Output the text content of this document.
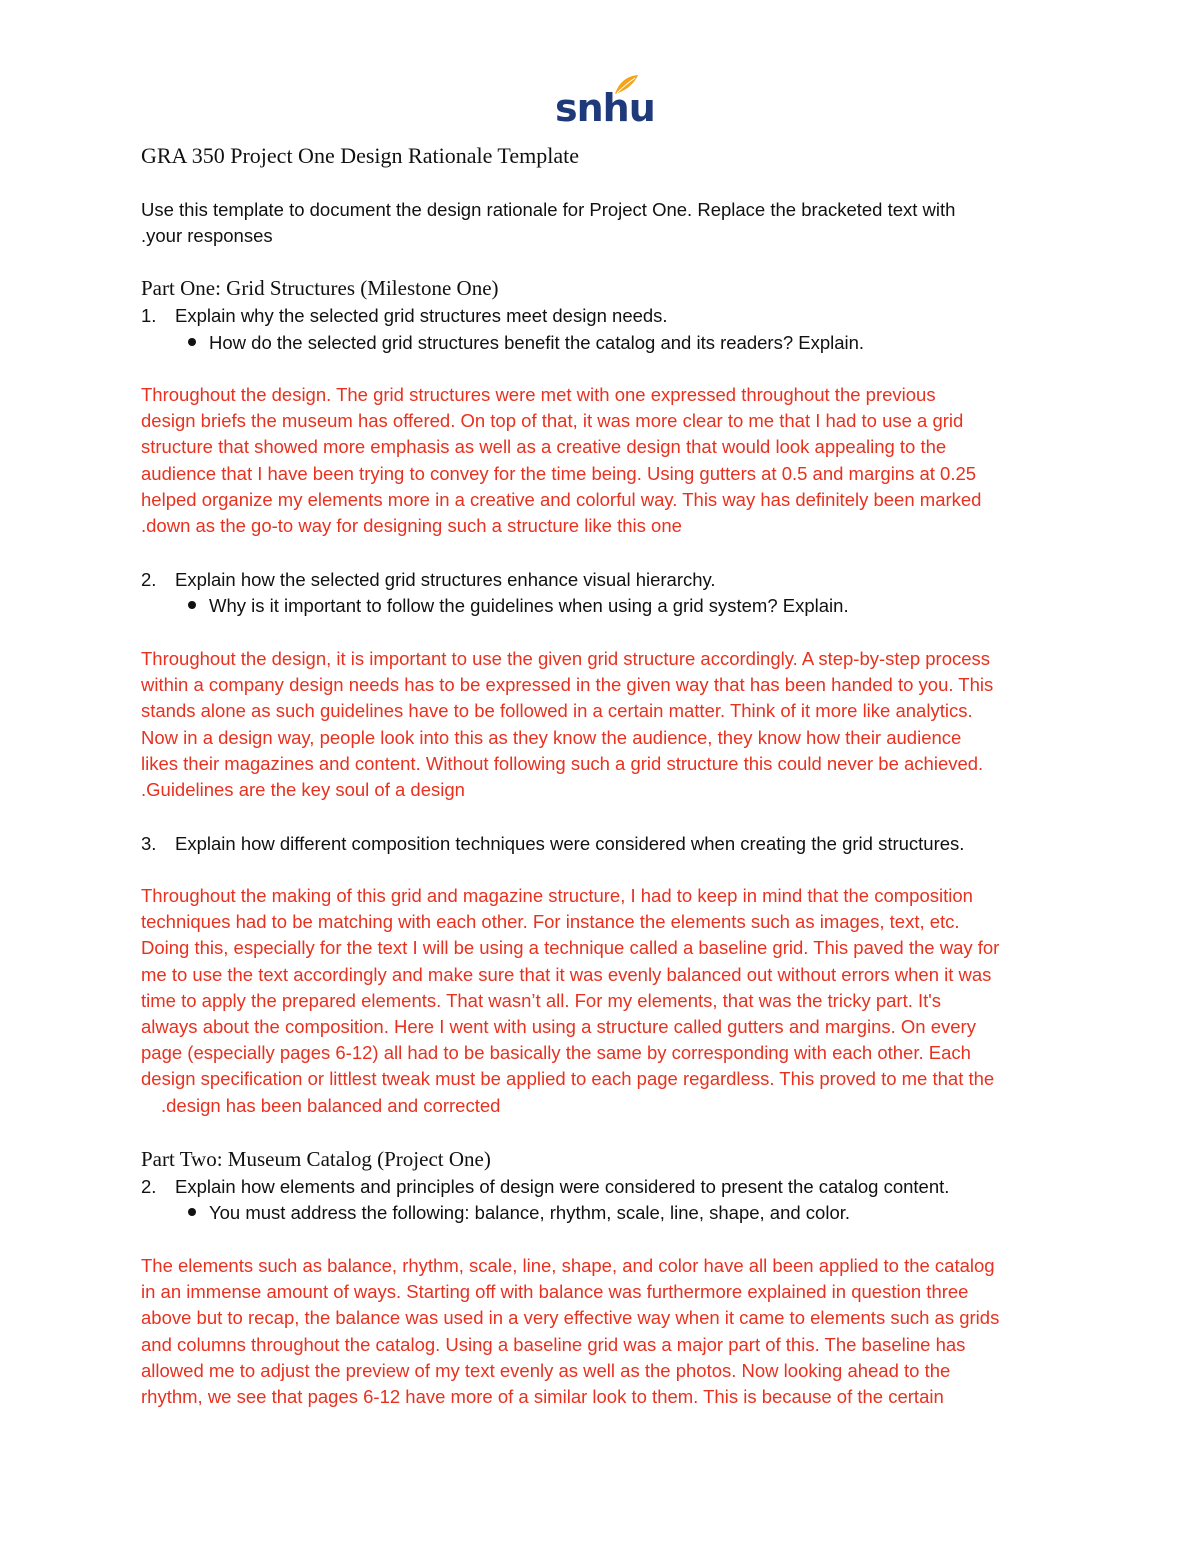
snhu
GRA 350 Project One Design Rationale Template
Use this template to document the design rationale for Project One. Replace the bracketed text with
.your responses
Part One: Grid Structures (Milestone One)
1. Explain why the selected grid structures meet design needs.
How do the selected grid structures benefit the catalog and its readers? Explain.
Throughout the design. The grid structures were met with one expressed throughout the previous
design briefs the museum has offered. On top of that, it was more clear to me that I had to use a grid
structure that showed more emphasis as well as a creative design that would look appealing to the
audience that I have been trying to convey for the time being. Using gutters at 0.5 and margins at 0.25
helped organize my elements more in a creative and colorful way. This way has definitely been marked
.down as the go-to way for designing such a structure like this one
2. Explain how the selected grid structures enhance visual hierarchy.
Why is it important to follow the guidelines when using a grid system? Explain.
Throughout the design, it is important to use the given grid structure accordingly. A step-by-step process
within a company design needs has to be expressed in the given way that has been handed to you. This
stands alone as such guidelines have to be followed in a certain matter. Think of it more like analytics.
Now in a design way, people look into this as they know the audience, they know how their audience
likes their magazines and content. Without following such a grid structure this could never be achieved.
.Guidelines are the key soul of a design
3. Explain how different composition techniques were considered when creating the grid structures.
Throughout the making of this grid and magazine structure, I had to keep in mind that the composition
techniques had to be matching with each other. For instance the elements such as images, text, etc.
Doing this, especially for the text I will be using a technique called a baseline grid. This paved the way for
me to use the text accordingly and make sure that it was evenly balanced out without errors when it was
time to apply the prepared elements. That wasn’t all. For my elements, that was the tricky part. It's
always about the composition. Here I went with using a structure called gutters and margins. On every
page (especially pages 6-12) all had to be basically the same by corresponding with each other. Each
design specification or littlest tweak must be applied to each page regardless. This proved to me that the
.design has been balanced and corrected
Part Two: Museum Catalog (Project One)
2. Explain how elements and principles of design were considered to present the catalog content.
You must address the following: balance, rhythm, scale, line, shape, and color.
The elements such as balance, rhythm, scale, line, shape, and color have all been applied to the catalog
in an immense amount of ways. Starting off with balance was furthermore explained in question three
above but to recap, the balance was used in a very effective way when it came to elements such as grids
and columns throughout the catalog. Using a baseline grid was a major part of this. The baseline has
allowed me to adjust the preview of my text evenly as well as the photos. Now looking ahead to the
rhythm, we see that pages 6-12 have more of a similar look to them. This is because of the certain
